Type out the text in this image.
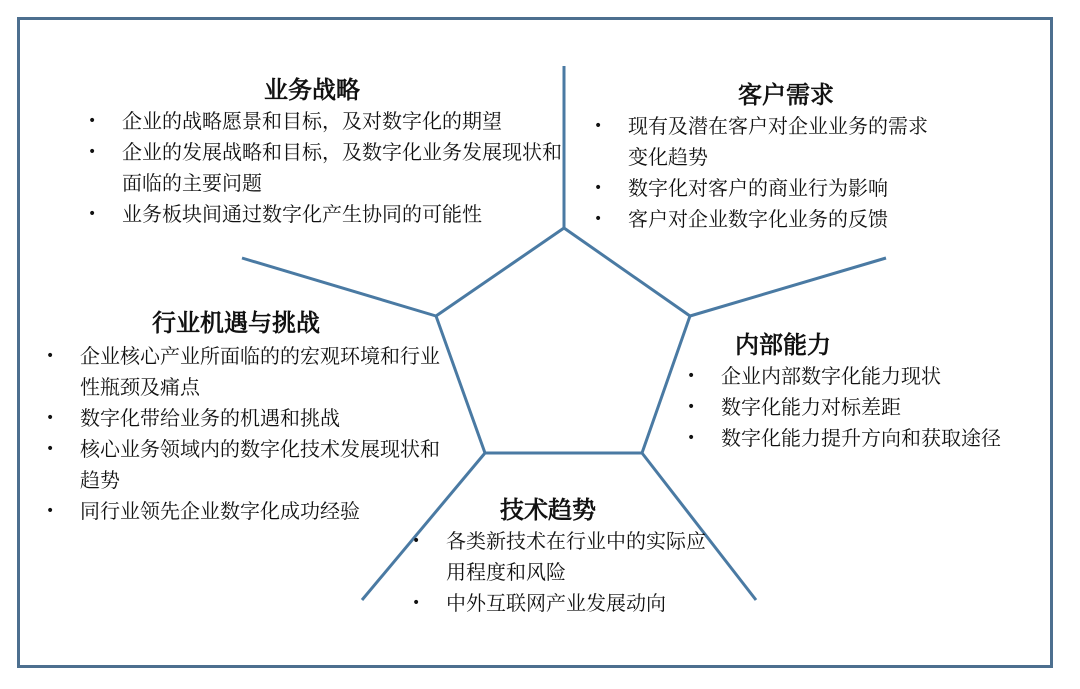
业务战略
• 企业的战略愿景和目标，及对数字化的期望
• 企业的发展战略和目标，及数字化业务发展现状和面临的主要问题
• 业务板块间通过数字化产生协同的可能性
客户需求
• 现有及潜在客户对企业业务的需求变化趋势
• 数字化对客户的商业行为影响
• 客户对企业数字化业务的反馈
行业机遇与挑战
• 企业核心产业所面临的的宏观环境和行业性瓶颈及痛点
• 数字化带给业务的机遇和挑战
• 核心业务领域内的数字化技术发展现状和趋势
• 同行业领先企业数字化成功经验
内部能力
• 企业内部数字化能力现状
• 数字化能力对标差距
• 数字化能力提升方向和获取途径
技术趋势
• 各类新技术在行业中的实际应用程度和风险
• 中外互联网产业发展动向
